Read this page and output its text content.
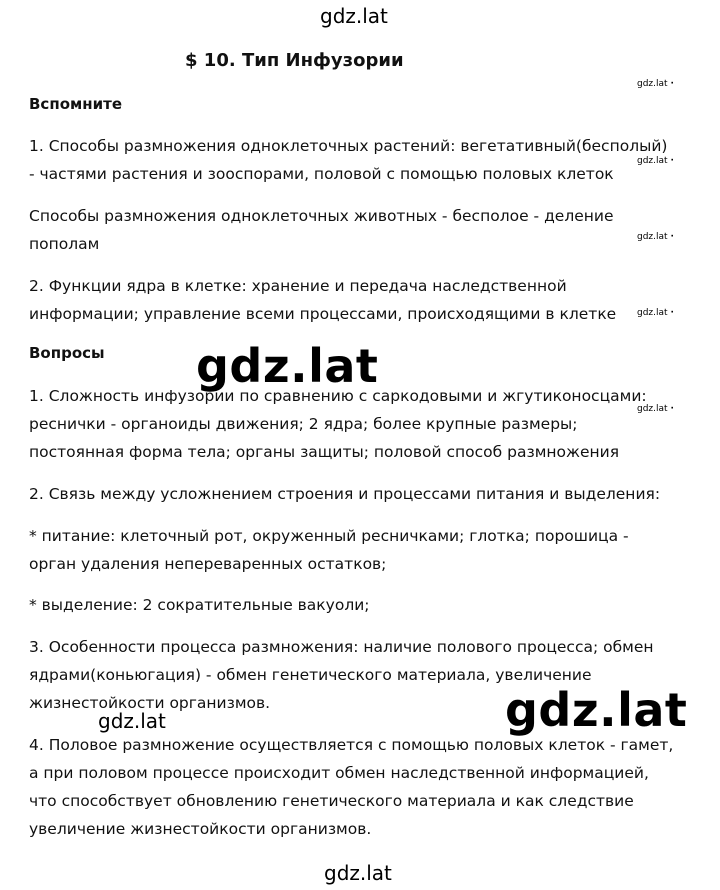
gdz.lat
gdz.lat ·
gdz.lat ·
gdz.lat ·
gdz.lat ·
gdz.lat ·
$ 10. Тип Инфузории
Вспомните
1. Способы размножения одноклеточных растений: вегетативный(бесполый)
- частями растения и зооспорами, половой с помощью половых клеток
Способы размножения одноклеточных животных - бесполое - деление
пополам
2. Функции ядра в клетке: хранение и передача наследственной
информации; управление всеми процессами, происходящими в клетке
Вопросы
1. Сложность инфузории по сравнению с саркодовыми и жгутиконосцами:
реснички - органоиды движения; 2 ядра; более крупные размеры;
постоянная форма тела; органы защиты; половой способ размножения
2. Связь между усложнением строения и процессами питания и выделения:
* питание: клеточный рот, окруженный ресничками; глотка; порошица -
орган удаления непереваренных остатков;
* выделение: 2 сократительные вакуоли;
3. Особенности процесса размножения: наличие полового процесса; обмен
ядрами(коньюгация) - обмен генетического материала, увеличение
жизнестойкости организмов.
4. Половое размножение осуществляется с помощью половых клеток - гамет,
а при половом процессе происходит обмен наследственной информацией,
что способствует обновлению генетического материала и как следствие
увеличение жизнестойкости организмов.
gdz.lat
gdz.lat
gdz.lat
gdz.lat
